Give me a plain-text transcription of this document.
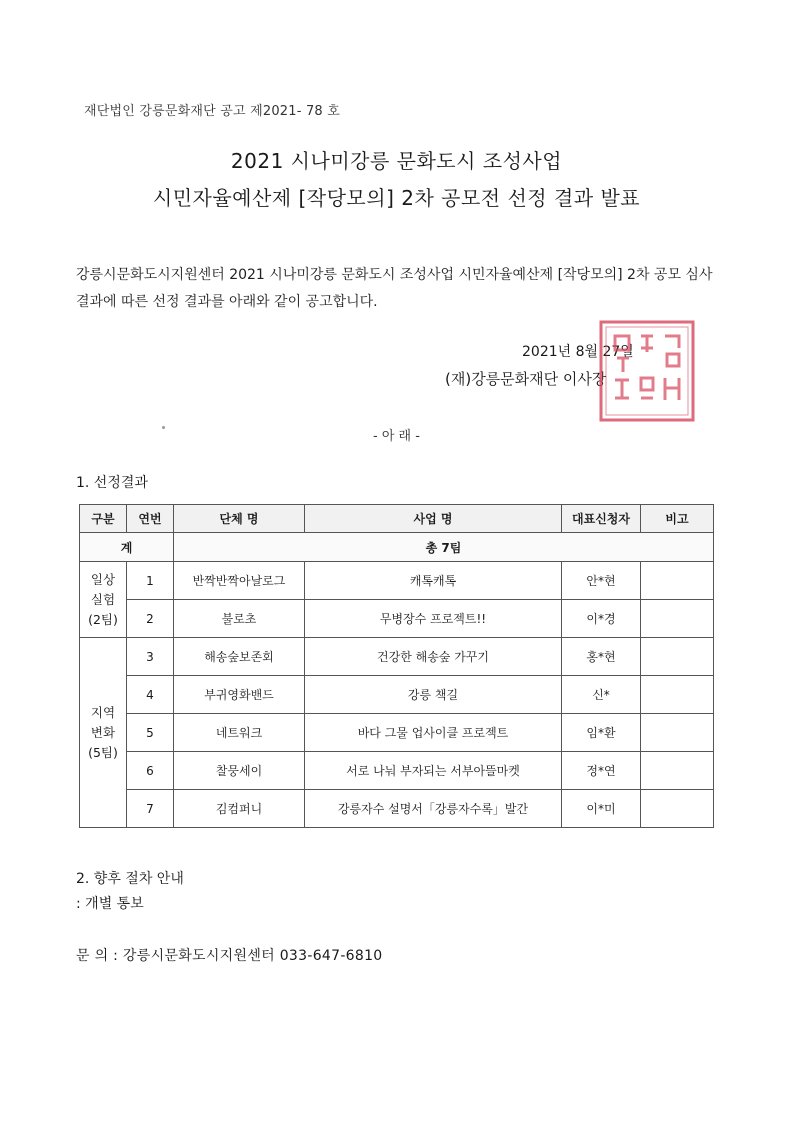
재단법인 강릉문화재단 공고 제2021- 78 호
2021 시나미강릉 문화도시 조성사업
시민자율예산제 [작당모의] 2차 공모전 선정 결과 발표
강릉시문화도시지원센터 2021 시나미강릉 문화도시 조성사업 시민자율예산제 [작당모의] 2차 공모 심사 결과에 따른 선정 결과를 아래와 같이 공고합니다.
2021년 8월 27일
(재)강릉문화재단 이사장
- 아 래 -
1. 선정결과
구분	연번	단체 명	사업 명	대표신청자	비고
계		총 7팀			
일상
실험
(2팀)	1	반짝반짝아날로그	캐톡캐톡	안*현	
	2	불로초	무병장수 프로젝트!!	이*경	
지역
변화
(5팀)	3	해송숲보존회	건강한 해송숲 가꾸기	홍*현	
	4	부귀영화밴드	강릉 책길	신*	
	5	네트워크	바다 그물 업사이클 프로젝트	임*환	
	6	찰뭉세이	서로 나눠 부자되는 서부아뜰마켓	정*연	
	7	김컴퍼니	강릉자수 설명서「강릉자수록」발간	이*미	
2. 향후 절차 안내
: 개별 통보
문 의 : 강릉시문화도시지원센터 033-647-6810
